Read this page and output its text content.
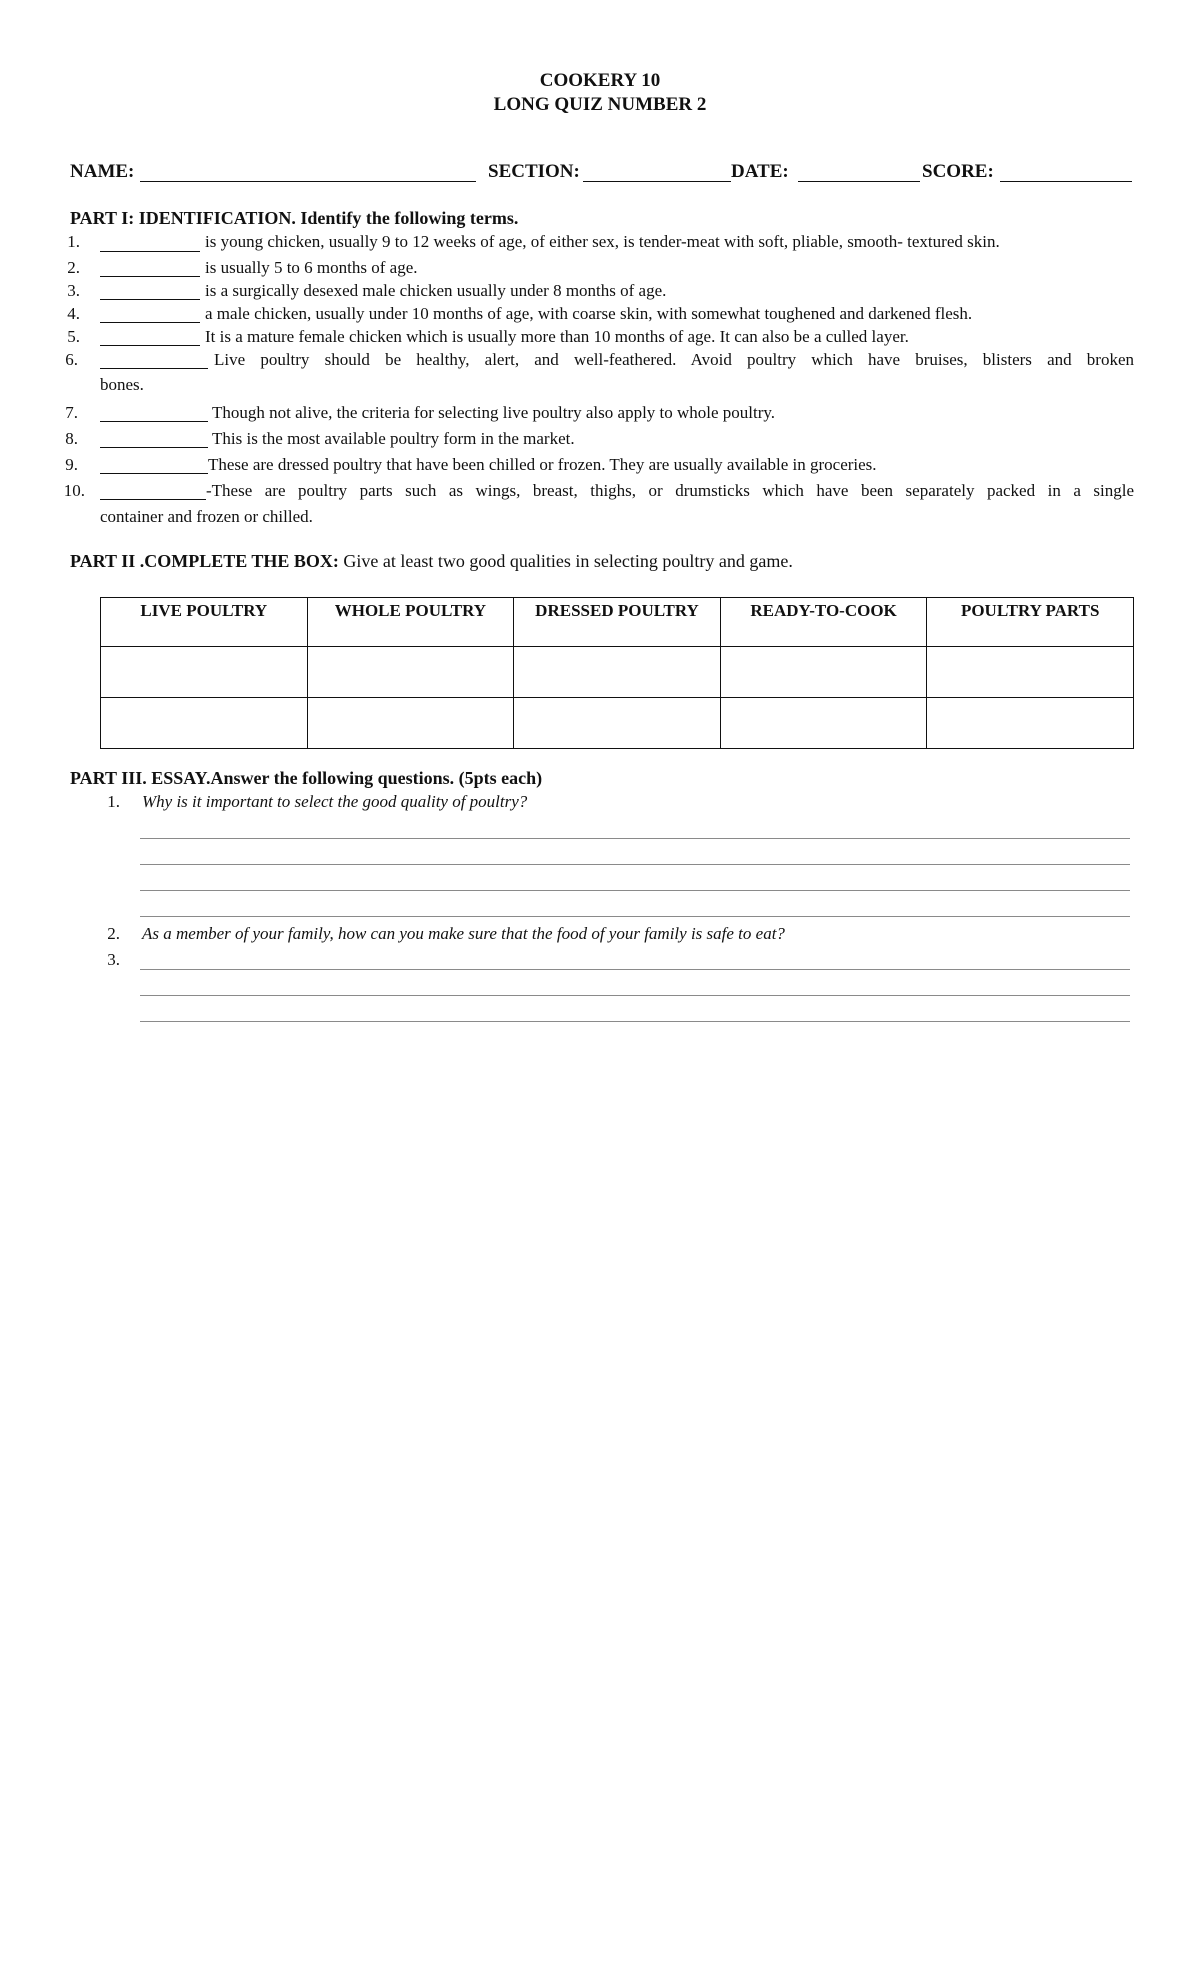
COOKERY 10
LONG QUIZ NUMBER 2
NAME:	SECTION:	DATE:	SCORE:
PART I: IDENTIFICATION. Identify the following terms.
1.	is young chicken, usually 9 to 12 weeks of age, of either sex, is tender-meat with soft, pliable, smooth- textured skin.
2.	is usually 5 to 6 months of age.
3.	is a surgically desexed male chicken usually under 8 months of age.
4.	a male chicken, usually under 10 months of age, with coarse skin, with somewhat toughened and darkened flesh.
5.	It is a mature female chicken which is usually more than 10 months of age. It can also be a culled layer.
6.	Live poultry should be healthy, alert, and well-feathered. Avoid poultry which have bruises, blisters and broken
bones.
7.	Though not alive, the criteria for selecting live poultry also apply to whole poultry.
8.	This is the most available poultry form in the market.
9.	These are dressed poultry that have been chilled or frozen. They are usually available in groceries.
10.	-These are poultry parts such as wings, breast, thighs, or drumsticks which have been separately packed in a single
container and frozen or chilled.
PART II .COMPLETE THE BOX: Give at least two good qualities in selecting poultry and game.
LIVE POULTRY	WHOLE POULTRY	DRESSED POULTRY	READY-TO-COOK	POULTRY PARTS

PART III. ESSAY.Answer the following questions. (5pts each)
1. Why is it important to select the good quality of poultry?
2. As a member of your family, how can you make sure that the food of your family is safe to eat?
3.
